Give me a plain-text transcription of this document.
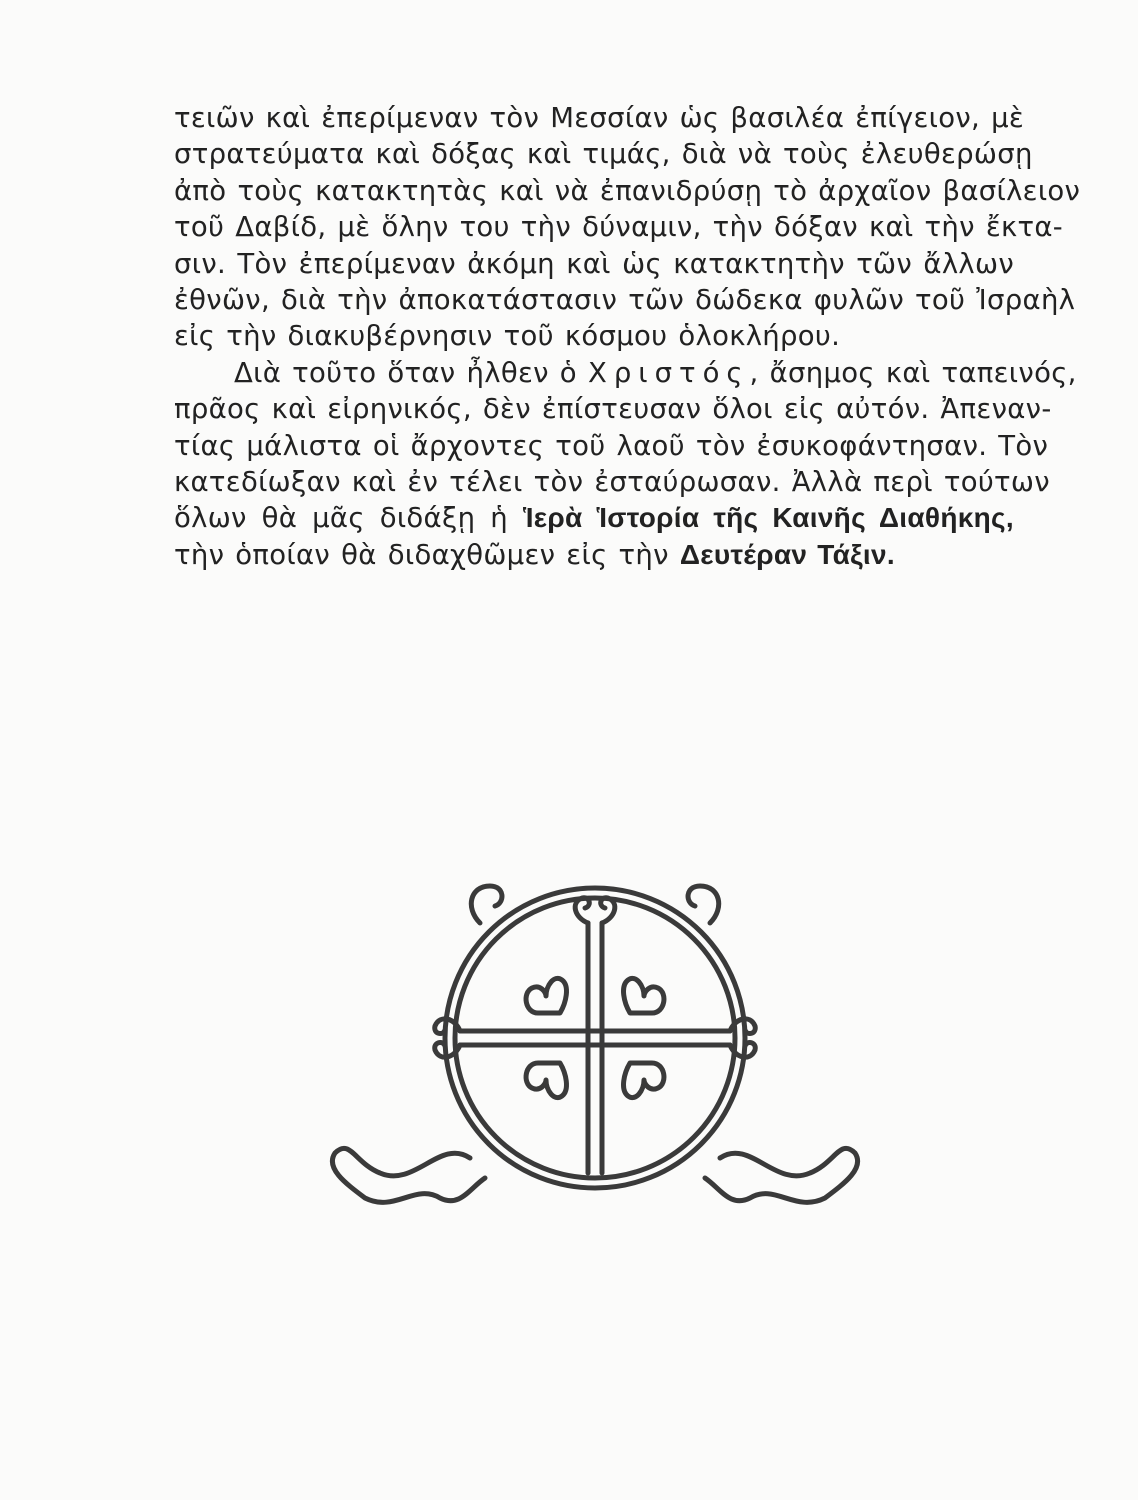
τειῶν καὶ ἐπερίμεναν τὸν Μεσσίαν ὡς βασιλέα ἐπίγειον, μὲ
στρατεύματα καὶ δόξας καὶ τιμάς, διὰ νὰ τοὺς ἐλευθερώσῃ
ἀπὸ τοὺς κατακτητὰς καὶ νὰ ἐπανιδρύσῃ τὸ ἀρχαῖον βασίλειον
τοῦ Δαβίδ, μὲ ὅλην του τὴν δύναμιν, τὴν δόξαν καὶ τὴν ἔκτα-
σιν. Τὸν ἐπερίμεναν ἀκόμη καὶ ὡς κατακτητὴν τῶν ἄλλων
ἐθνῶν, διὰ τὴν ἀποκατάστασιν τῶν δώδεκα φυλῶν τοῦ Ἰσραὴλ
εἰς τὴν διακυβέρνησιν τοῦ κόσμου ὁλοκλήρου.
Διὰ τοῦτο ὅταν ἦλθεν ὁ Χριστός, ἄσημος καὶ ταπεινός,
πρᾶος καὶ εἰρηνικός, δὲν ἐπίστευσαν ὅλοι εἰς αὐτόν. Ἀπεναν-
τίας μάλιστα οἱ ἄρχοντες τοῦ λαοῦ τὸν ἐσυκοφάντησαν. Τὸν
κατεδίωξαν καὶ ἐν τέλει τὸν ἐσταύρωσαν. Ἀλλὰ περὶ τούτων
ὅλων θὰ μᾶς διδάξῃ ἡ Ἱερὰ Ἱστορία τῆς Καινῆς Διαθήκης,
τὴν ὁποίαν θὰ διδαχθῶμεν εἰς τὴν Δευτέραν Τάξιν.
